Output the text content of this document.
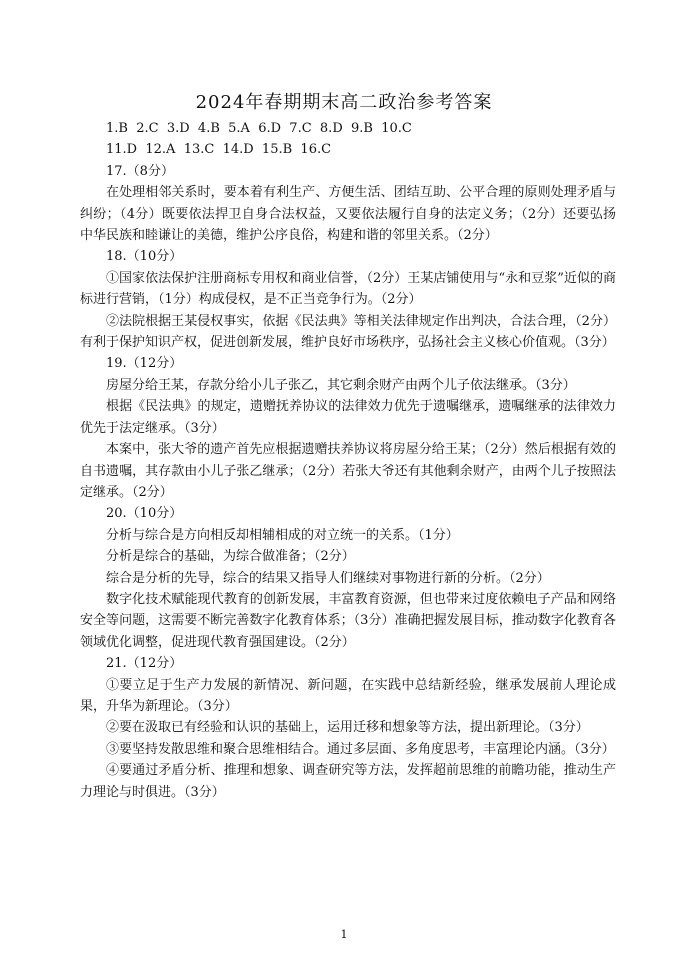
2024年春期期末高二政治参考答案

1.B  2.C  3.D  4.B  5.A  6.D  7.C  8.D  9.B  10.C

11.D  12.A  13.C  14.D  15.B  16.C

17.（8分）

在处理相邻关系时，要本着有利生产、方便生活、团结互助、公平合理的原则处理矛盾与纠纷；（4分）既要依法捍卫自身合法权益，又要依法履行自身的法定义务；（2分）还要弘扬中华民族和睦谦让的美德，维护公序良俗，构建和谐的邻里关系。（2分）

18.（10分）

①国家依法保护注册商标专用权和商业信誉，（2分）王某店铺使用与“永和豆浆”近似的商标进行营销，（1分）构成侵权，是不正当竞争行为。（2分）

②法院根据王某侵权事实，依据《民法典》等相关法律规定作出判决，合法合理，（2分）有利于保护知识产权，促进创新发展，维护良好市场秩序，弘扬社会主义核心价值观。（3分）

19.（12分）

房屋分给王某，存款分给小儿子张乙，其它剩余财产由两个儿子依法继承。（3分）

根据《民法典》的规定，遗赠抚养协议的法律效力优先于遗嘱继承，遗嘱继承的法律效力优先于法定继承。（3分）

本案中，张大爷的遗产首先应根据遗赠扶养协议将房屋分给王某；（2分）然后根据有效的自书遗嘱，其存款由小儿子张乙继承；（2分）若张大爷还有其他剩余财产，由两个儿子按照法定继承。（2分）

20.（10分）

分析与综合是方向相反却相辅相成的对立统一的关系。（1分）

分析是综合的基础，为综合做准备；（2分）

综合是分析的先导，综合的结果又指导人们继续对事物进行新的分析。（2分）

数字化技术赋能现代教育的创新发展，丰富教育资源，但也带来过度依赖电子产品和网络安全等问题，这需要不断完善数字化教育体系；（3分）准确把握发展目标，推动数字化教育各领域优化调整，促进现代教育强国建设。（2分）

21.（12分）

①要立足于生产力发展的新情况、新问题，在实践中总结新经验，继承发展前人理论成果，升华为新理论。（3分）

②要在汲取已有经验和认识的基础上，运用迁移和想象等方法，提出新理论。（3分）

③要坚持发散思维和聚合思维相结合。通过多层面、多角度思考，丰富理论内涵。（3分）

④要通过矛盾分析、推理和想象、调查研究等方法，发挥超前思维的前瞻功能，推动生产力理论与时俱进。（3分）

1
